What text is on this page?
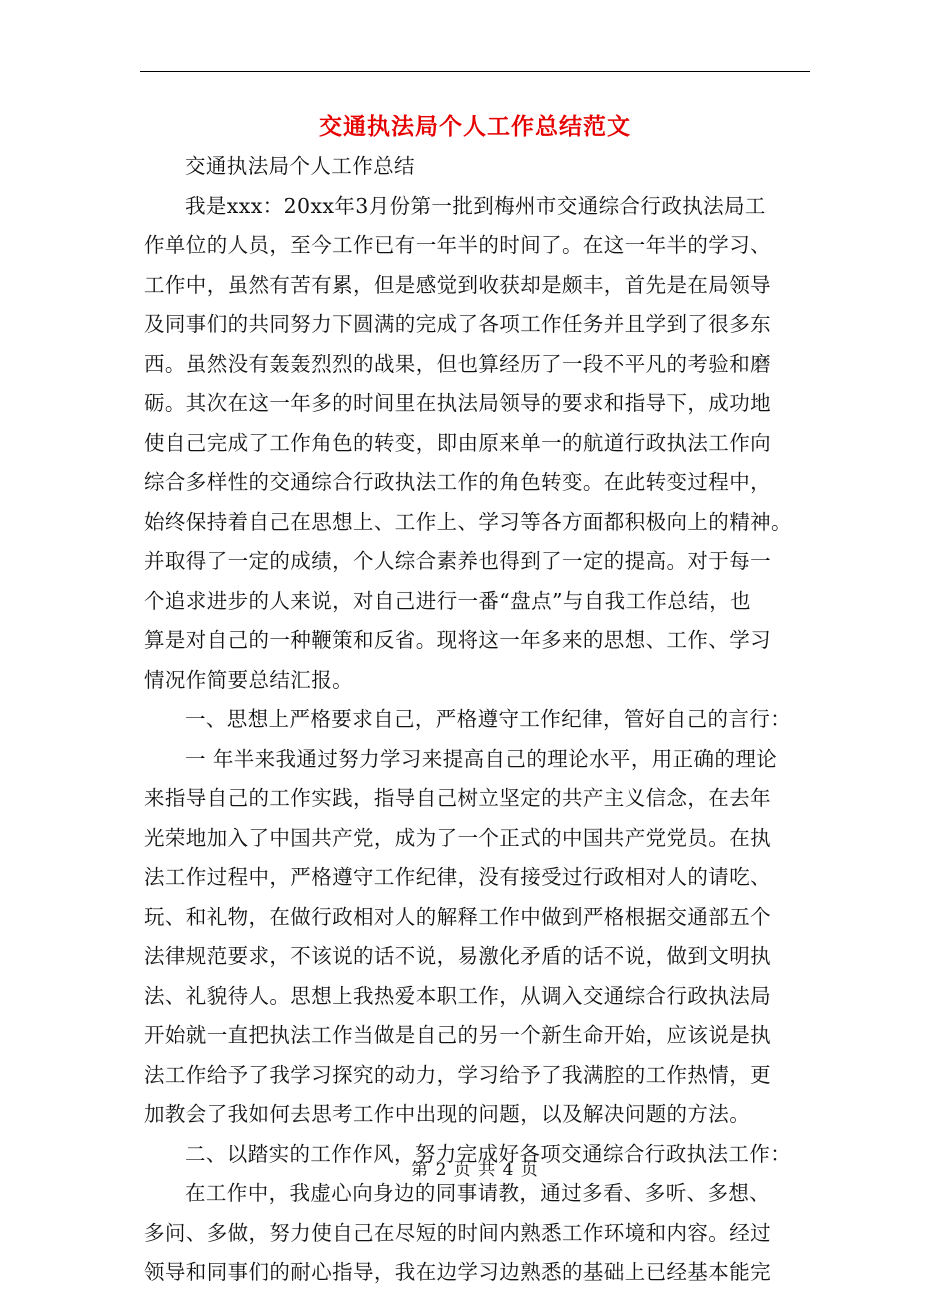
交通执法局个人工作总结范文
交通执法局个人工作总结
我是xxx：20xx年3月份第一批到梅州市交通综合行政执法局工
作单位的人员，至今工作已有一年半的时间了。在这一年半的学习、
工作中，虽然有苦有累，但是感觉到收获却是颇丰，首先是在局领导
及同事们的共同努力下圆满的完成了各项工作任务并且学到了很多东
西。虽然没有轰轰烈烈的战果，但也算经历了一段不平凡的考验和磨
砺。其次在这一年多的时间里在执法局领导的要求和指导下，成功地
使自己完成了工作角色的转变，即由原来单一的航道行政执法工作向
综合多样性的交通综合行政执法工作的角色转变。在此转变过程中，
始终保持着自己在思想上、工作上、学习等各方面都积极向上的精神。
并取得了一定的成绩，个人综合素养也得到了一定的提高。对于每一
个追求进步的人来说，对自己进行一番“盘点”与自我工作总结，也
算是对自己的一种鞭策和反省。现将这一年多来的思想、工作、学习
情况作简要总结汇报。
一、思想上严格要求自己，严格遵守工作纪律，管好自己的言行：
一 年半来我通过努力学习来提高自己的理论水平，用正确的理论
来指导自己的工作实践，指导自己树立坚定的共产主义信念，在去年
光荣地加入了中国共产党，成为了一个正式的中国共产党党员。在执
法工作过程中，严格遵守工作纪律，没有接受过行政相对人的请吃、
玩、和礼物，在做行政相对人的解释工作中做到严格根据交通部五个
法律规范要求，不该说的话不说，易激化矛盾的话不说，做到文明执
法、礼貌待人。思想上我热爱本职工作，从调入交通综合行政执法局
开始就一直把执法工作当做是自己的另一个新生命开始，应该说是执
法工作给予了我学习探究的动力，学习给予了我满腔的工作热情，更
加教会了我如何去思考工作中出现的问题，以及解决问题的方法。
二、以踏实的工作作风，努力完成好各项交通综合行政执法工作：
在工作中，我虚心向身边的同事请教，通过多看、多听、多想、
多问、多做，努力使自己在尽短的时间内熟悉工作环境和内容。经过
领导和同事们的耐心指导，我在边学习边熟悉的基础上已经基本能完
第 2 页 共 4 页
